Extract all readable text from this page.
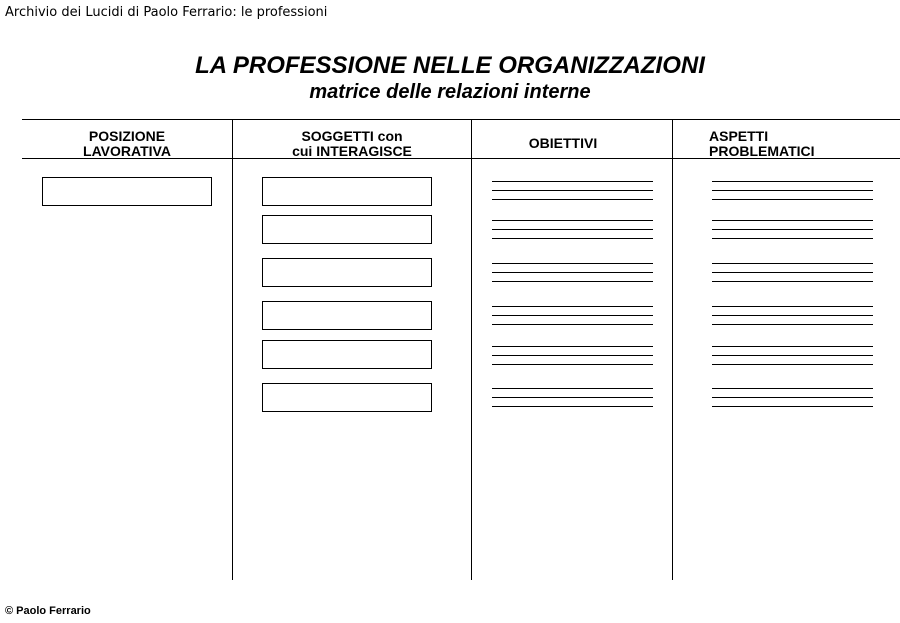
Archivio dei Lucidi di Paolo Ferrario: le professioni
LA PROFESSIONE NELLE ORGANIZZAZIONI
matrice delle relazioni interne
POSIZIONE
LAVORATIVA
SOGGETTI con
cui INTERAGISCE	OBIETTIVI	ASPETTI
PROBLEMATICI
© Paolo Ferrario
